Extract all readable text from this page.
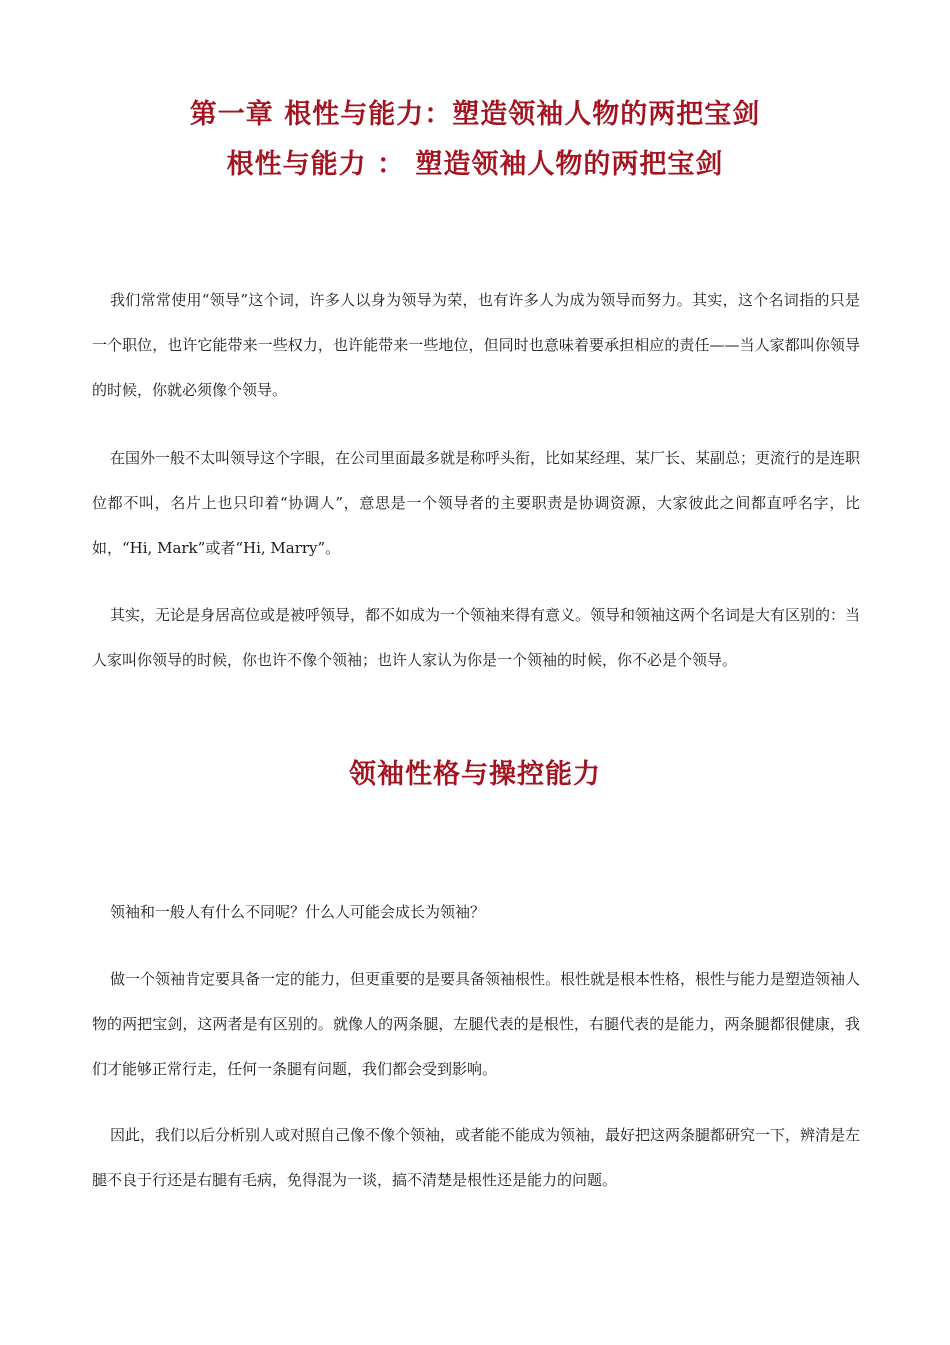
第一章 根性与能力：塑造领袖人物的两把宝剑
根性与能力 ： 塑造领袖人物的两把宝剑

我们常常使用“领导”这个词，许多人以身为领导为荣，也有许多人为成为领导而努力。其实，这个名词指的只是一个职位，也许它能带来一些权力，也许能带来一些地位，但同时也意味着要承担相应的责任——当人家都叫你领导的时候，你就必须像个领导。

在国外一般不太叫领导这个字眼，在公司里面最多就是称呼头衔，比如某经理、某厂长、某副总；更流行的是连职位都不叫，名片上也只印着“协调人”，意思是一个领导者的主要职责是协调资源，大家彼此之间都直呼名字，比如，“Hi, Mark”或者“Hi, Marry”。

其实，无论是身居高位或是被呼领导，都不如成为一个领袖来得有意义。领导和领袖这两个名词是大有区别的：当人家叫你领导的时候，你也许不像个领袖；也许人家认为你是一个领袖的时候，你不必是个领导。

领袖性格与操控能力

领袖和一般人有什么不同呢？什么人可能会成长为领袖？

做一个领袖肯定要具备一定的能力，但更重要的是要具备领袖根性。根性就是根本性格，根性与能力是塑造领袖人物的两把宝剑，这两者是有区别的。就像人的两条腿，左腿代表的是根性，右腿代表的是能力，两条腿都很健康，我们才能够正常行走，任何一条腿有问题，我们都会受到影响。

因此，我们以后分析别人或对照自己像不像个领袖，或者能不能成为领袖，最好把这两条腿都研究一下，辨清是左腿不良于行还是右腿有毛病，免得混为一谈，搞不清楚是根性还是能力的问题。
